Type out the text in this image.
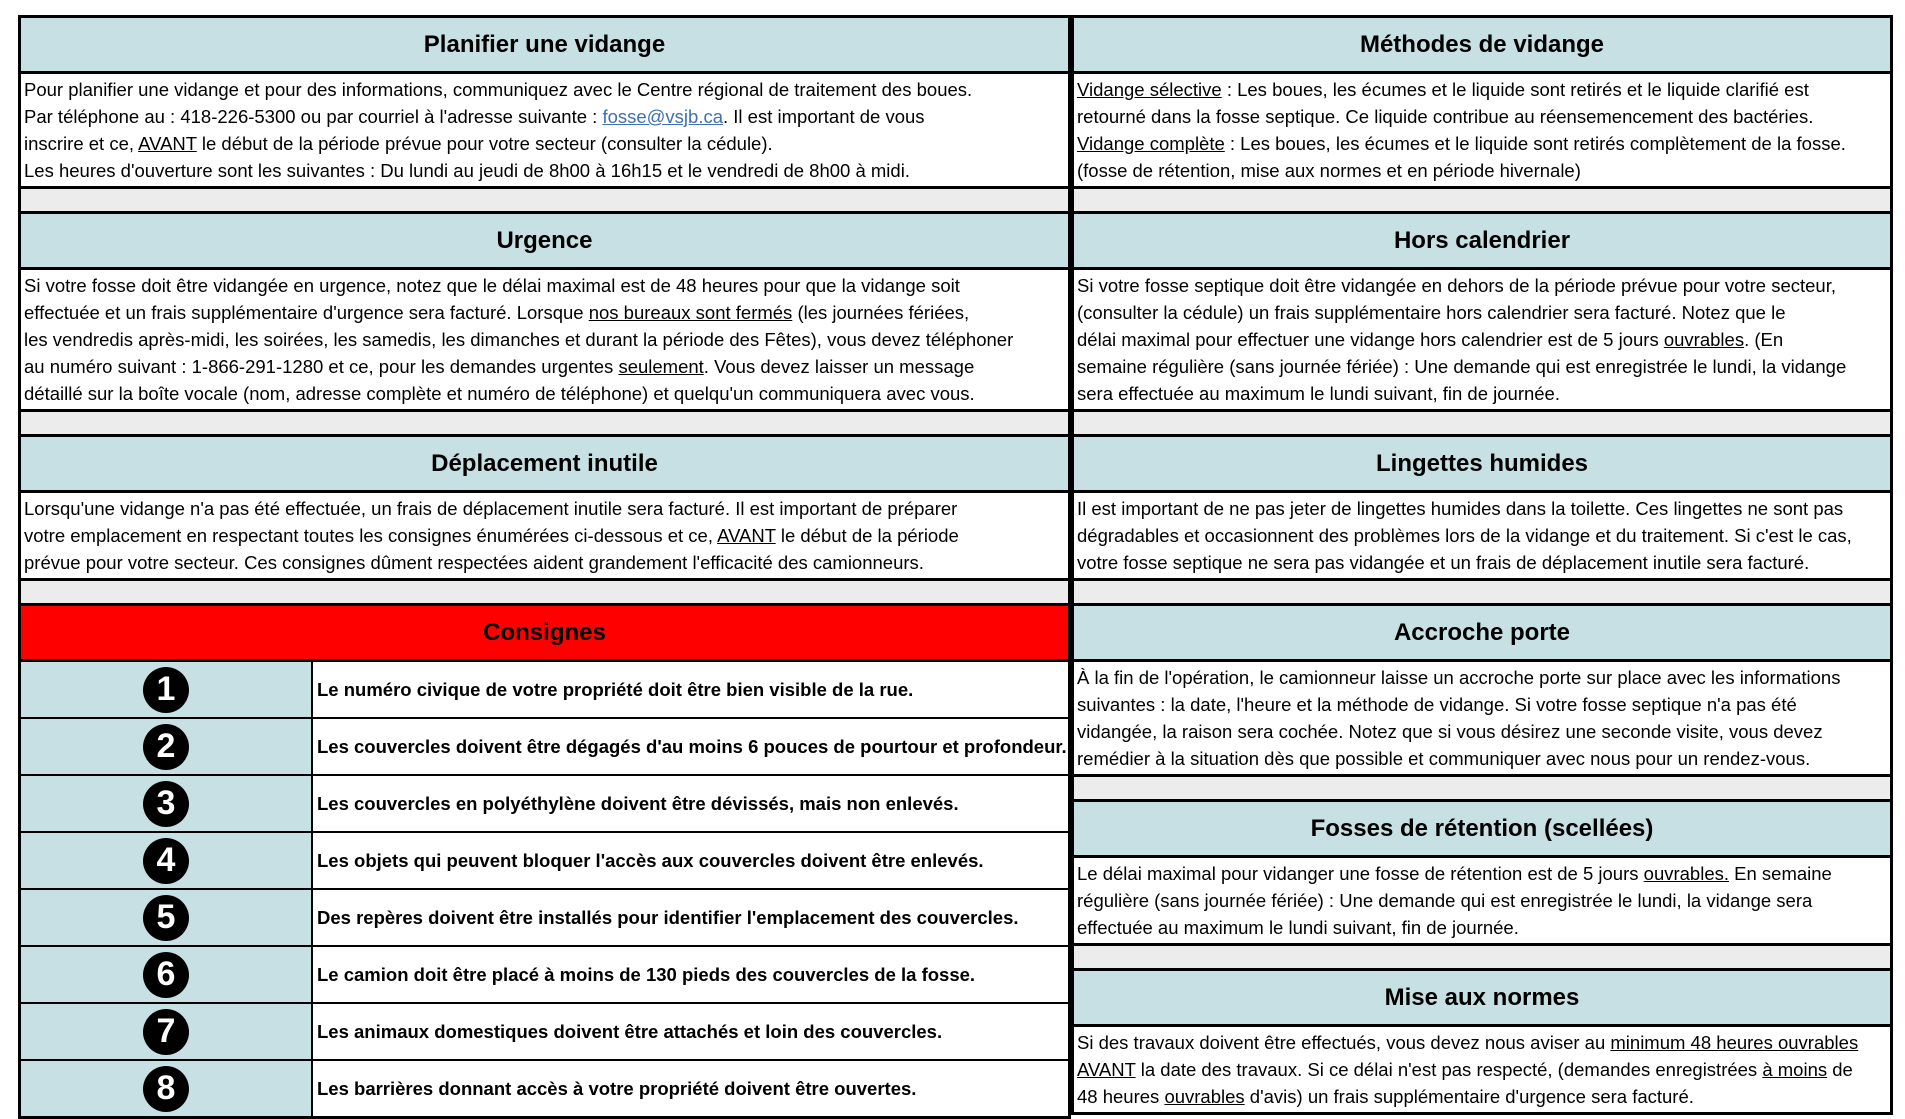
Planifier une vidange
Pour planifier une vidange et pour des informations, communiquez avec le Centre régional de traitement des boues.
Par téléphone au : 418-226-5300 ou par courriel à l'adresse suivante : fosse@vsjb.ca. Il est important de vous
inscrire et ce, AVANT le début de la période prévue pour votre secteur (consulter la cédule).
Les heures d'ouverture sont les suivantes : Du lundi au jeudi de 8h00 à 16h15 et le vendredi de 8h00 à midi.
Urgence
Si votre fosse doit être vidangée en urgence, notez que le délai maximal est de 48 heures pour que la vidange soit
effectuée et un frais supplémentaire d'urgence sera facturé. Lorsque nos bureaux sont fermés (les journées fériées,
les vendredis après-midi, les soirées, les samedis, les dimanches et durant la période des Fêtes), vous devez téléphoner
au numéro suivant : 1-866-291-1280 et ce, pour les demandes urgentes seulement. Vous devez laisser un message
détaillé sur la boîte vocale (nom, adresse complète et numéro de téléphone) et quelqu'un communiquera avec vous.
Déplacement inutile
Lorsqu'une vidange n'a pas été effectuée, un frais de déplacement inutile sera facturé. Il est important de préparer
votre emplacement en respectant toutes les consignes énumérées ci-dessous et ce, AVANT le début de la période
prévue pour votre secteur. Ces consignes dûment respectées aident grandement l'efficacité des camionneurs.
Consignes
1	Le numéro civique de votre propriété doit être bien visible de la rue.
2	Les couvercles doivent être dégagés d'au moins 6 pouces de pourtour et profondeur.
3	Les couvercles en polyéthylène doivent être dévissés, mais non enlevés.
4	Les objets qui peuvent bloquer l'accès aux couvercles doivent être enlevés.
5	Des repères doivent être installés pour identifier l'emplacement des couvercles.
6	Le camion doit être placé à moins de 130 pieds des couvercles de la fosse.
7	Les animaux domestiques doivent être attachés et loin des couvercles.
8	Les barrières donnant accès à votre propriété doivent être ouvertes.
Méthodes de vidange
Vidange sélective : Les boues, les écumes et le liquide sont retirés et le liquide clarifié est
retourné dans la fosse septique. Ce liquide contribue au réensemencement des bactéries.
Vidange complète : Les boues, les écumes et le liquide sont retirés complètement de la fosse.
(fosse de rétention, mise aux normes et en période hivernale)
Hors calendrier
Si votre fosse septique doit être vidangée en dehors de la période prévue pour votre secteur,
(consulter la cédule) un frais supplémentaire hors calendrier sera facturé. Notez que le
délai maximal pour effectuer une vidange hors calendrier est de 5 jours ouvrables. (En
semaine régulière (sans journée fériée) : Une demande qui est enregistrée le lundi, la vidange
sera effectuée au maximum le lundi suivant, fin de journée.
Lingettes humides
Il est important de ne pas jeter de lingettes humides dans la toilette. Ces lingettes ne sont pas
dégradables et occasionnent des problèmes lors de la vidange et du traitement. Si c'est le cas,
votre fosse septique ne sera pas vidangée et un frais de déplacement inutile sera facturé.
Accroche porte
À la fin de l'opération, le camionneur laisse un accroche porte sur place avec les informations
suivantes : la date, l'heure et la méthode de vidange. Si votre fosse septique n'a pas été
vidangée, la raison sera cochée. Notez que si vous désirez une seconde visite, vous devez
remédier à la situation dès que possible et communiquer avec nous pour un rendez-vous.
Fosses de rétention (scellées)
Le délai maximal pour vidanger une fosse de rétention est de 5 jours ouvrables. En semaine
régulière (sans journée fériée) : Une demande qui est enregistrée le lundi, la vidange sera
effectuée au maximum le lundi suivant, fin de journée.
Mise aux normes
Si des travaux doivent être effectués, vous devez nous aviser au minimum 48 heures ouvrables
AVANT la date des travaux. Si ce délai n'est pas respecté, (demandes enregistrées à moins de
48 heures ouvrables d'avis) un frais supplémentaire d'urgence sera facturé.
